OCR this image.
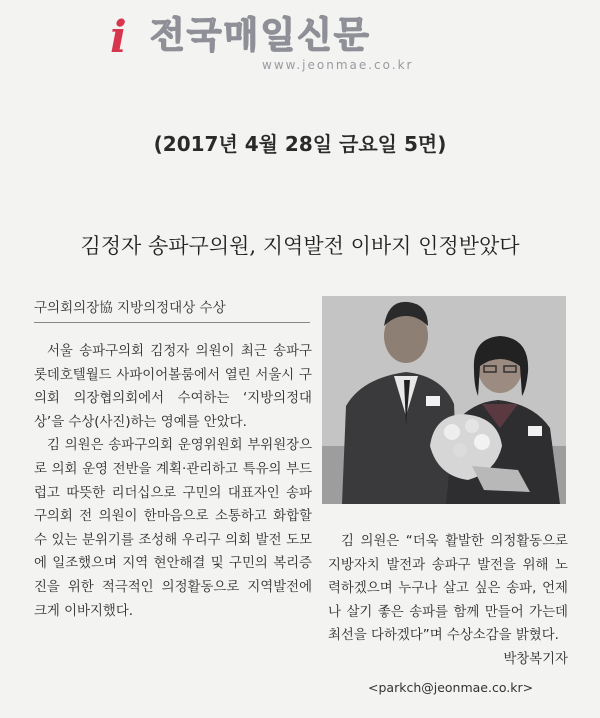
i 전국매일신문
www.jeonmae.co.kr
(2017년 4월 28일 금요일 5면)
김정자 송파구의원, 지역발전 이바지 인정받았다
구의회의장協 지방의정대상 수상

서울 송파구의회 김정자 의원이 최근 송파구 롯데호텔월드 사파이어볼룸에서 열린 서울시 구의회 의장협의회에서 수여하는 ‘지방의정대상’을 수상(사진)하는 영예를 안았다.

김 의원은 송파구의회 운영위원회 부위원장으로 의회 운영 전반을 계획·관리하고 특유의 부드럽고 따뜻한 리더십으로 구민의 대표자인 송파구의회 전 의원이 한마음으로 소통하고 화합할 수 있는 분위기를 조성해 우리구 의회 발전 도모에 일조했으며 지역 현안해결 및 구민의 복리증진을 위한 적극적인 의정활동으로 지역발전에 크게 이바지했다.

김 의원은 “더욱 활발한 의정활동으로 지방자치 발전과 송파구 발전을 위해 노력하겠으며 누구나 살고 싶은 송파, 언제나 살기 좋은 송파를 함께 만들어 가는데 최선을 다하겠다”며 수상소감을 밝혔다.
박창복기자

<parkch@jeonmae.co.kr>
